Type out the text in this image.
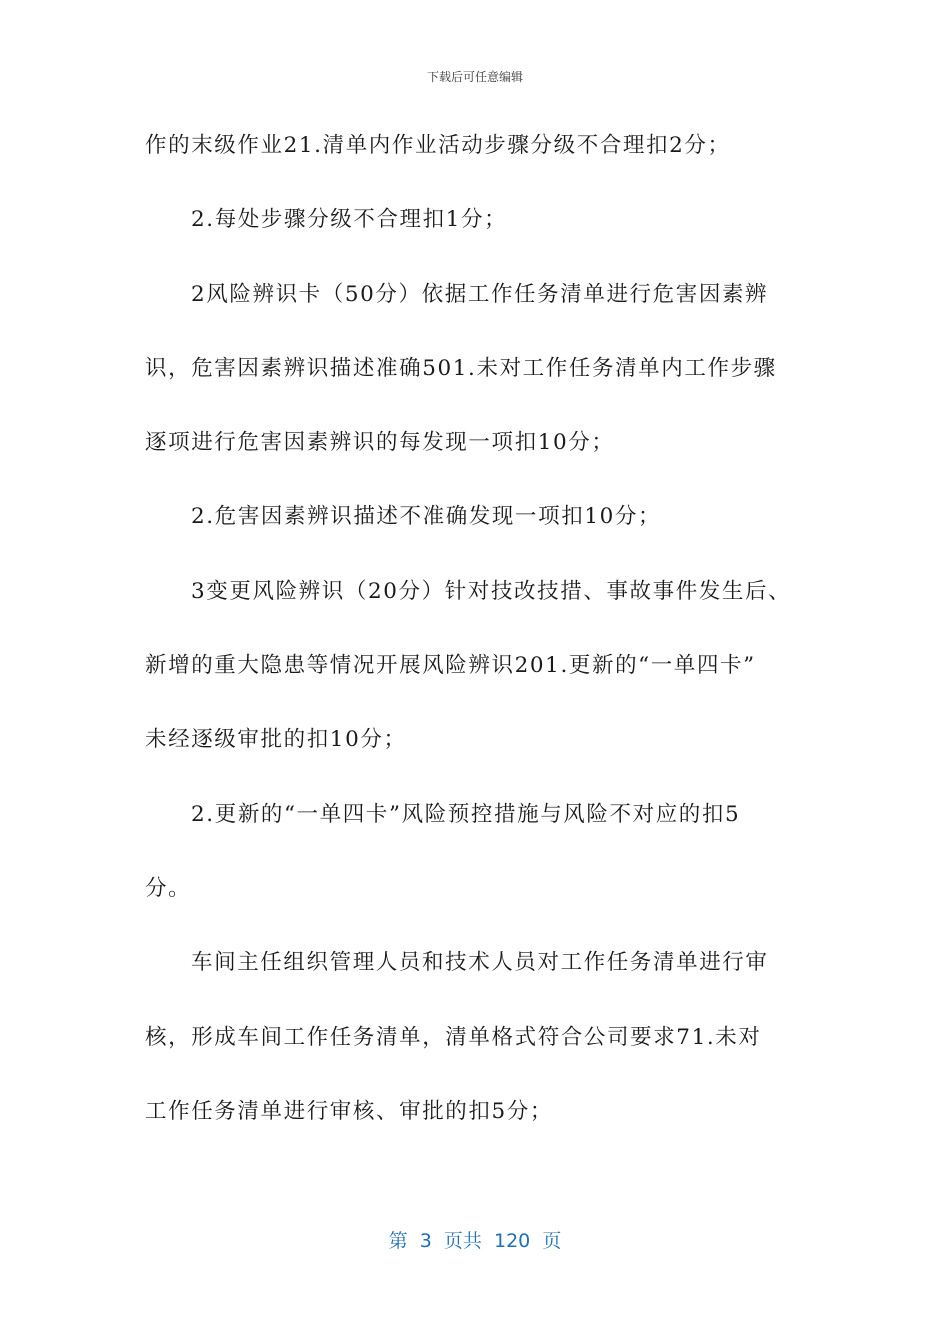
下载后可任意编辑
作的末级作业21.清单内作业活动步骤分级不合理扣2分；
2.每处步骤分级不合理扣1分；
2风险辨识卡（50分）依据工作任务清单进行危害因素辨
识，危害因素辨识描述准确501.未对工作任务清单内工作步骤
逐项进行危害因素辨识的每发现一项扣10分；
2.危害因素辨识描述不准确发现一项扣10分；
3变更风险辨识（20分）针对技改技措、事故事件发生后、
新增的重大隐患等情况开展风险辨识201.更新的“一单四卡”
未经逐级审批的扣10分；
2.更新的“一单四卡”风险预控措施与风险不对应的扣5
分。
车间主任组织管理人员和技术人员对工作任务清单进行审
核，形成车间工作任务清单，清单格式符合公司要求71.未对
工作任务清单进行审核、审批的扣5分；
第  3  页共  120  页
